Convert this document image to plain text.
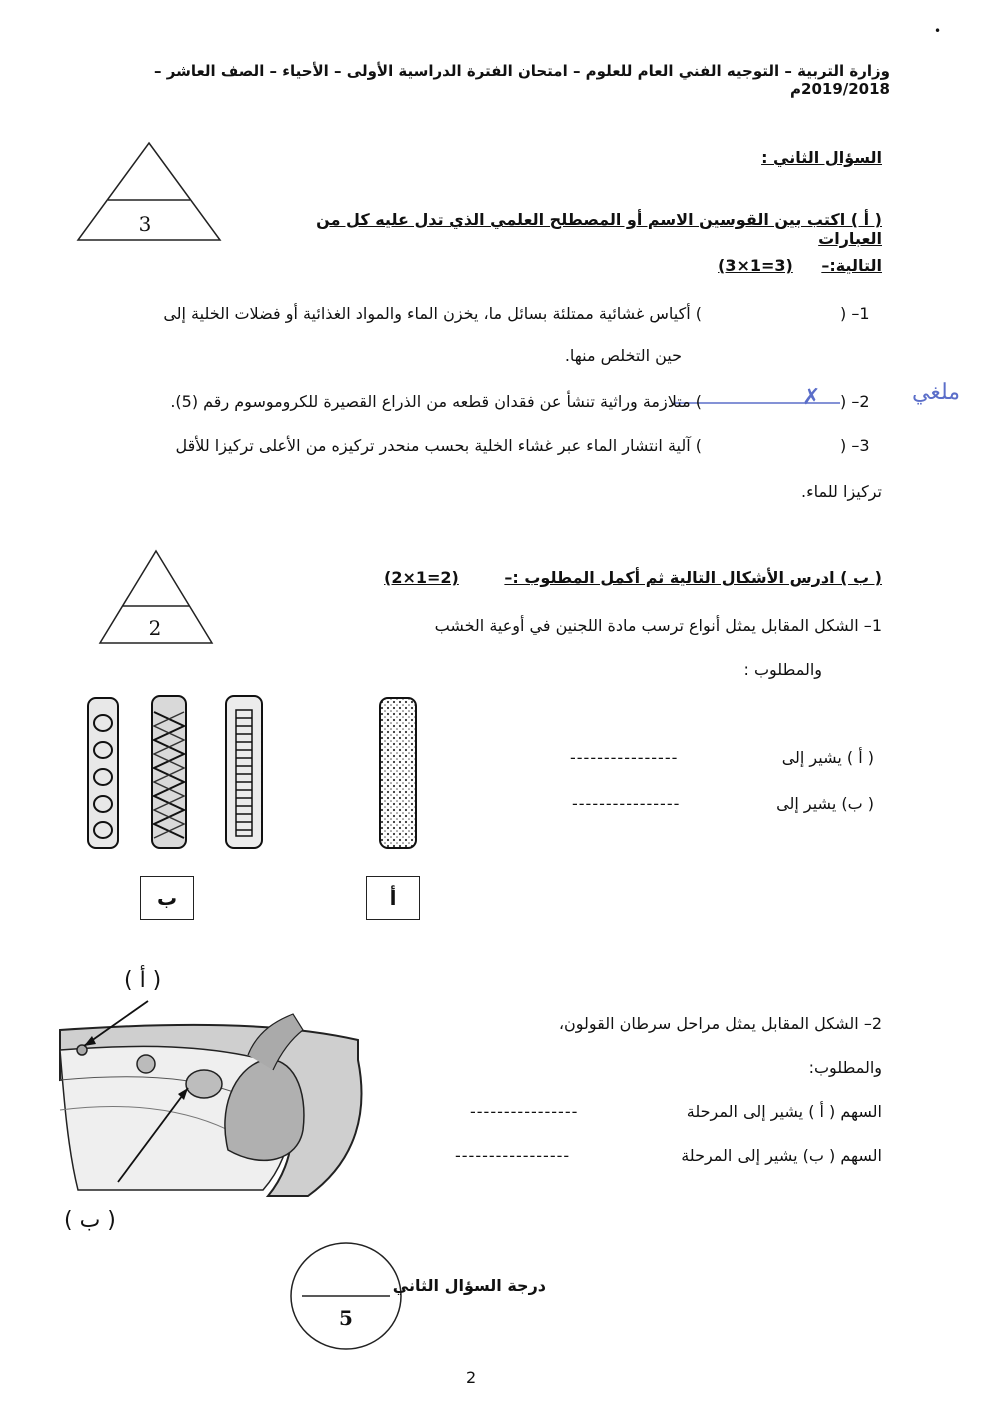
•
وزارة التربية – التوجيه الفني العام للعلوم – امتحان الفترة الدراسية الأولى – الأحياء – الصف العاشر – 2019/2018م
السؤال الثاني :
3	( أ ) اكتب بين القوسين الاسم أو المصطلح العلمي الذي تدل عليه كل من العبارات
التالية:–
(3×1=3)
1– (
) أكياس غشائية ممتلئة بسائل ما، يخزن الماء والمواد الغذائية أو فضلات الخلية إلى
حين التخلص منها.
2– (
✗
) متلازمة وراثية تنشأ عن فقدان قطعه من الذراع القصيرة للكروموسوم رقم (5).	ملغي
3– (
) آلية انتشار الماء عبر غشاء الخلية بحسب منحدر تركيزه من الأعلى تركيزا للأقل
تركيزا للماء.
2
( ب ) ادرس الأشكال التالية ثم أكمل المطلوب :–
(2×1=2)
1– الشكل المقابل يمثل أنواع ترسب مادة اللجنين في أوعية الخشب
والمطلوب :
( أ ) يشير إلى
----------------
( ب) يشير إلى
----------------
أ
ب
2– الشكل المقابل يمثل مراحل سرطان القولون،
والمطلوب:
السهم ( أ ) يشير إلى المرحلة
----------------
السهم ( ب) يشير إلى المرحلة
-----------------
( أ )
( ب )
5
درجة السؤال الثاني
2
